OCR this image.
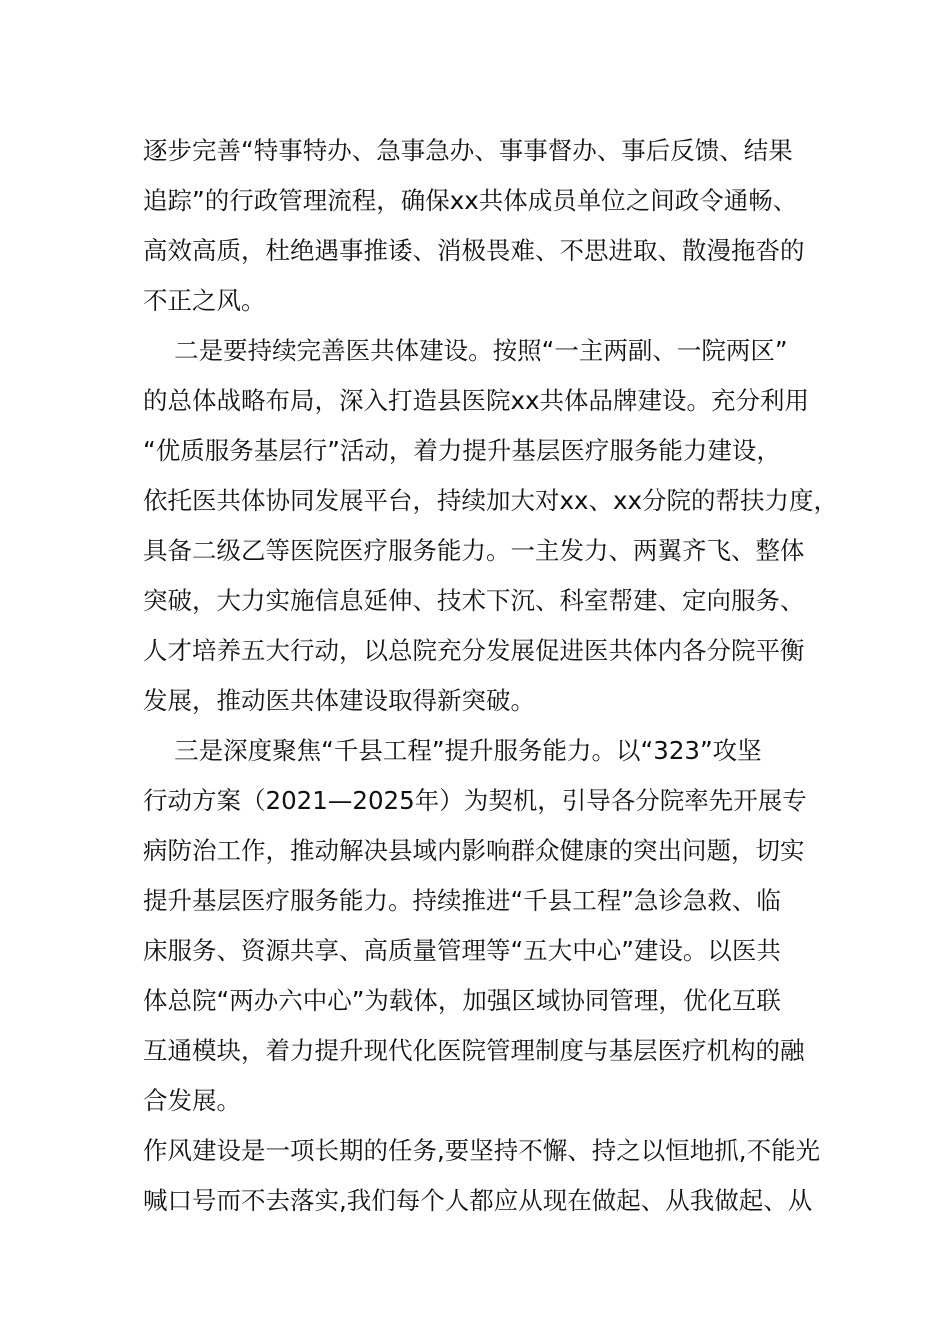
逐步完善“特事特办、急事急办、事事督办、事后反馈、结果

追踪”的行政管理流程，确保xx共体成员单位之间政令通畅、

高效高质，杜绝遇事推诿、消极畏难、不思进取、散漫拖沓的

不正之风。

二是要持续完善医共体建设。按照“一主两副、一院两区”

的总体战略布局，深入打造县医院xx共体品牌建设。充分利用

“优质服务基层行”活动，着力提升基层医疗服务能力建设，

依托医共体协同发展平台，持续加大对xx、xx分院的帮扶力度，

具备二级乙等医院医疗服务能力。一主发力、两翼齐飞、整体

突破，大力实施信息延伸、技术下沉、科室帮建、定向服务、

人才培养五大行动，以总院充分发展促进医共体内各分院平衡

发展，推动医共体建设取得新突破。

三是深度聚焦“千县工程”提升服务能力。以“323”攻坚

行动方案（2021—2025年）为契机，引导各分院率先开展专

病防治工作，推动解决县域内影响群众健康的突出问题，切实

提升基层医疗服务能力。持续推进“千县工程”急诊急救、临

床服务、资源共享、高质量管理等“五大中心”建设。以医共

体总院“两办六中心”为载体，加强区域协同管理，优化互联

互通模块，着力提升现代化医院管理制度与基层医疗机构的融

合发展。

作风建设是一项长期的任务,要坚持不懈、持之以恒地抓,不能光

喊口号而不去落实,我们每个人都应从现在做起、从我做起、从
